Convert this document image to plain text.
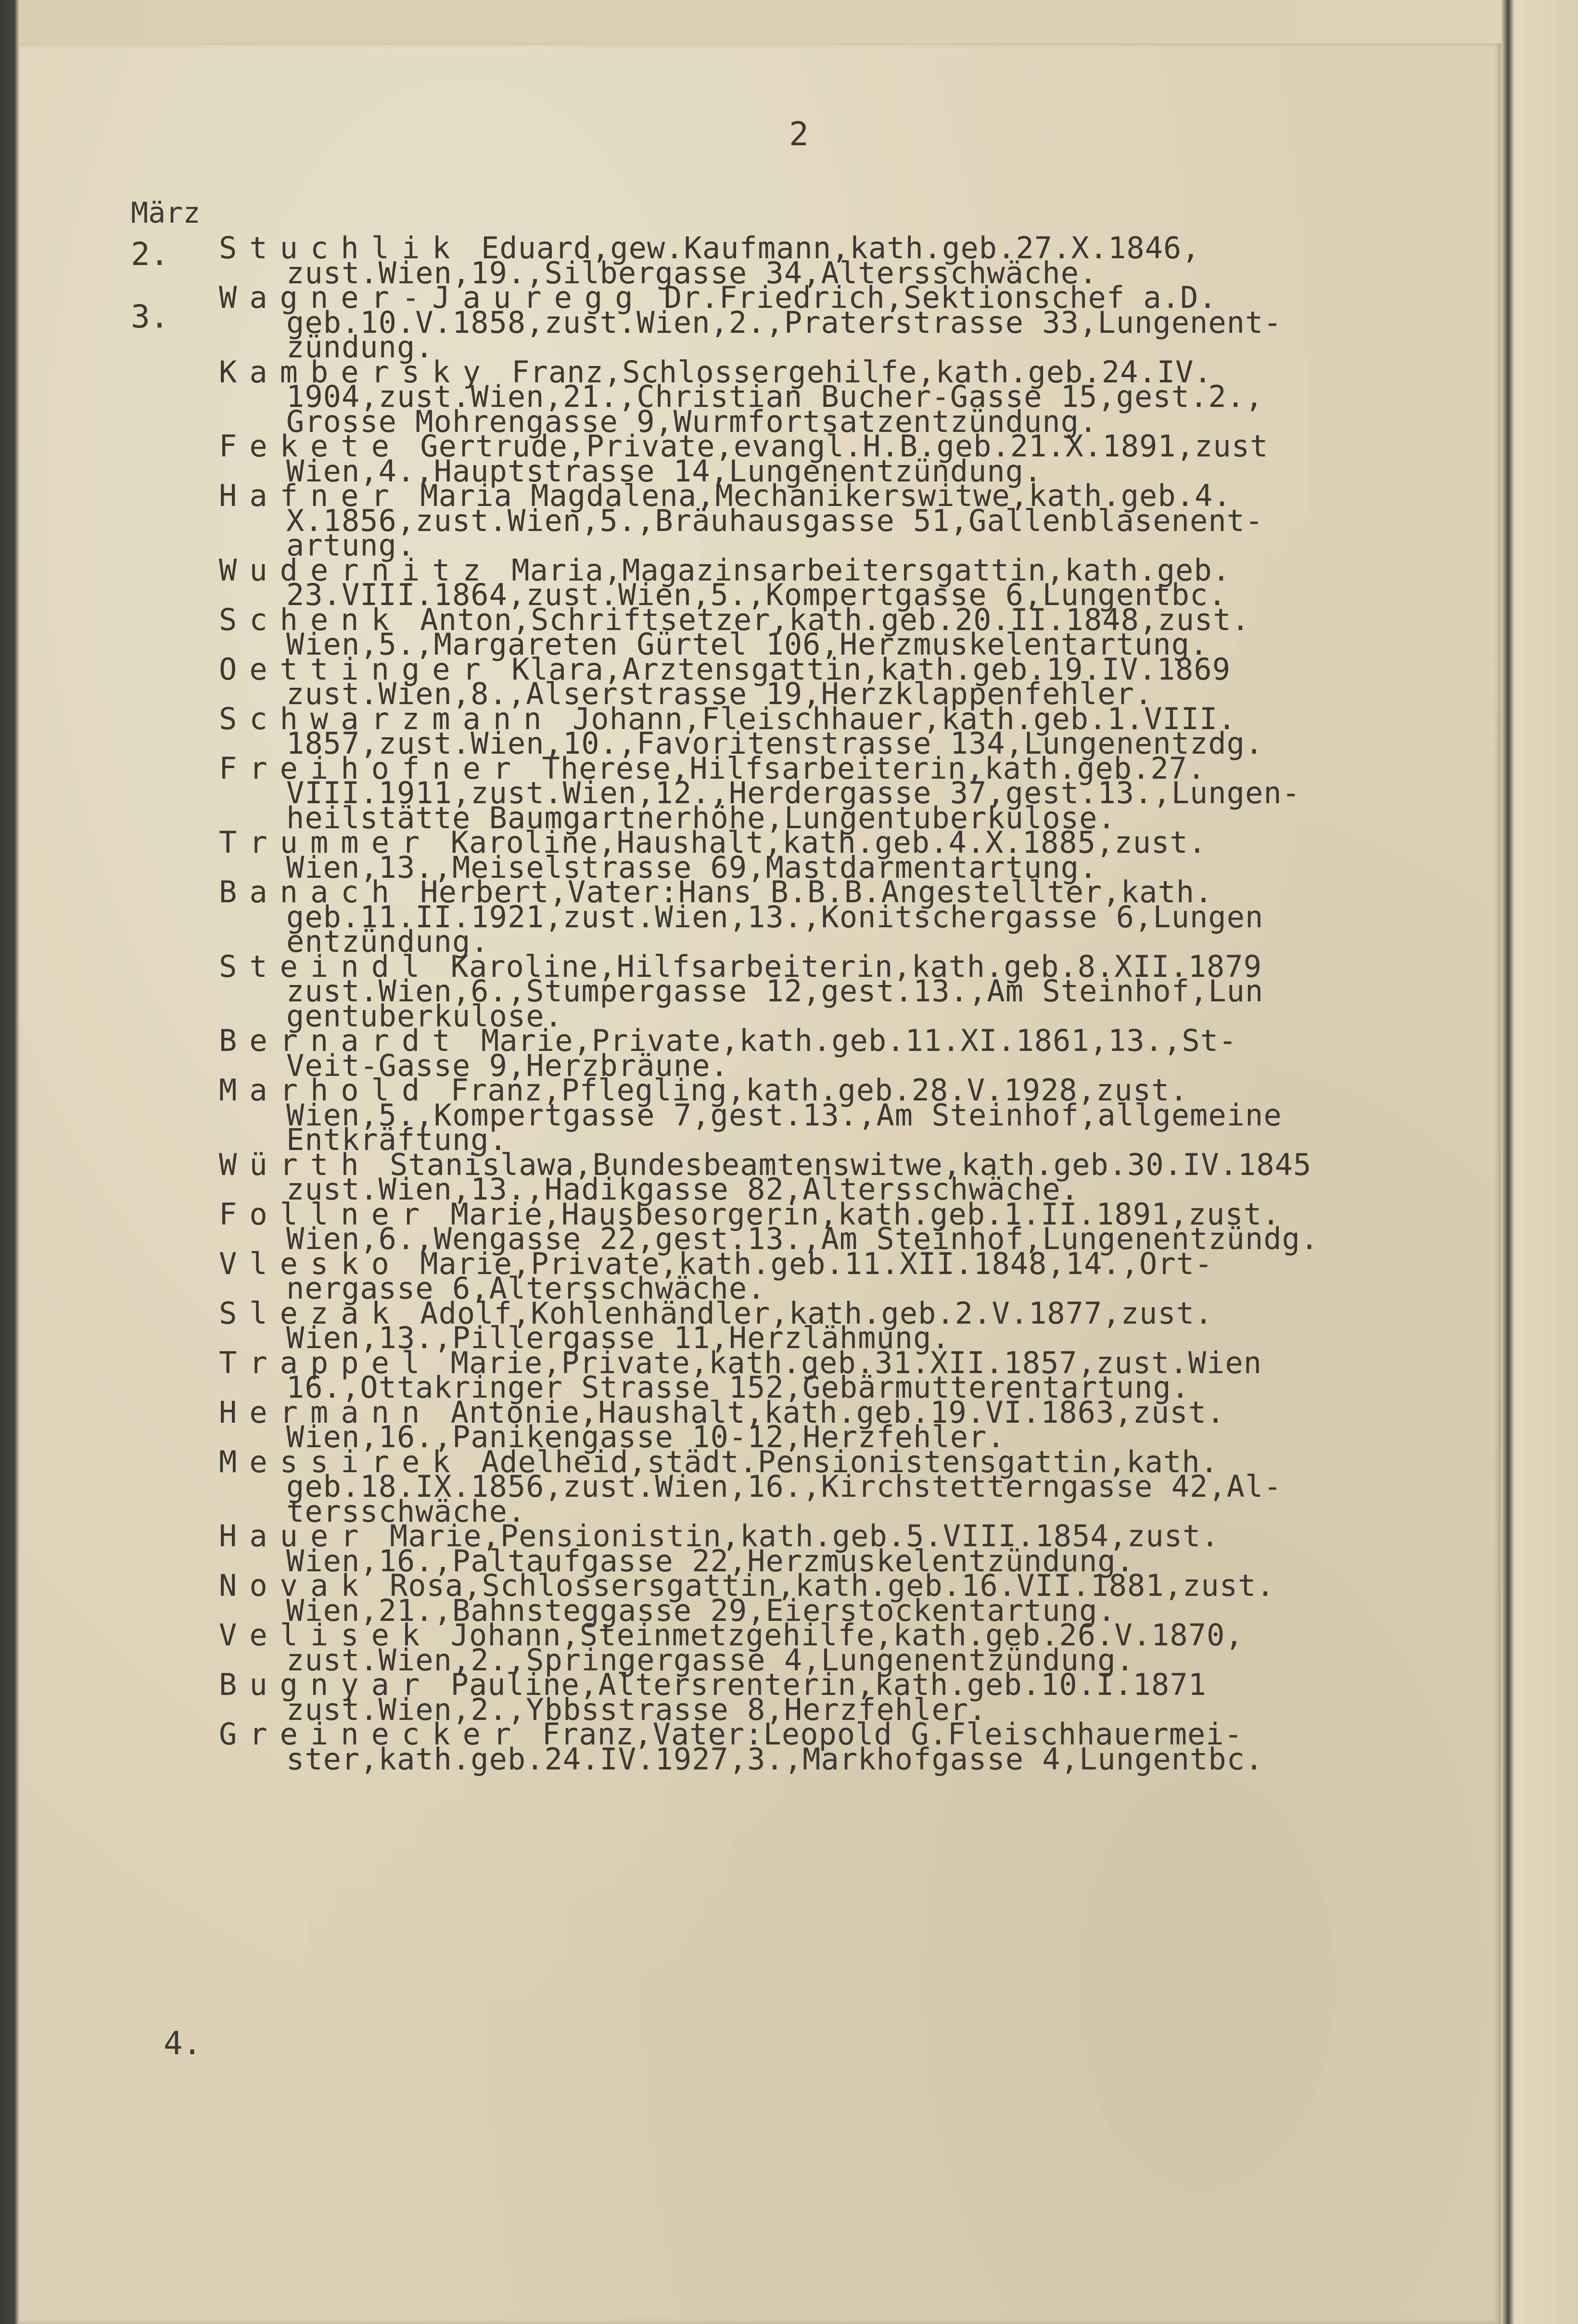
2
März
2.
3.
4.
Stuchlik Eduard,gew.Kaufmann,kath.geb.27.X.1846,
zust.Wien,19.,Silbergasse 34,Altersschwäche.
Wagner-Jauregg Dr.Friedrich,Sektionschef a.D.
geb.10.V.1858,zust.Wien,2.,Praterstrasse 33,Lungenent-
zündung.
Kambersky Franz,Schlossergehilfe,kath.geb.24.IV.
1904,zust.Wien,21.,Christian Bucher-Gasse 15,gest.2.,
Grosse Mohrengasse 9,Wurmfortsatzentzündung.
Fekete Gertrude,Private,evangl.H.B.geb.21.X.1891,zust
Wien,4.,Hauptstrasse 14,Lungenentzündung.
Hafner Maria Magdalena,Mechanikerswitwe,kath.geb.4.
X.1856,zust.Wien,5.,Bräuhausgasse 51,Gallenblasenent-
artung.
Wudernitz Maria,Magazinsarbeitersgattin,kath.geb.
23.VIII.1864,zust.Wien,5.,Kompertgasse 6,Lungentbc.
Schenk Anton,Schriftsetzer,kath.geb.20.II.1848,zust.
Wien,5.,Margareten Gürtel 106,Herzmuskelentartung.
Oettinger Klara,Arztensgattin,kath.geb.19.IV.1869
zust.Wien,8.,Alserstrasse 19,Herzklappenfehler.
Schwarzmann Johann,Fleischhauer,kath.geb.1.VIII.
1857,zust.Wien,10.,Favoritenstrasse 134,Lungenentzdg.
Freihofner Therese,Hilfsarbeiterin,kath.geb.27.
VIII.1911,zust.Wien,12.,Herdergasse 37,gest.13.,Lungen-
heilstätte Baumgartnerhöhe,Lungentuberkulose.
Trummer Karoline,Haushalt,kath.geb.4.X.1885,zust.
Wien,13.,Meiselstrasse 69,Mastdarmentartung.
Banach Herbert,Vater:Hans B.B.B.Angestellter,kath.
geb.11.II.1921,zust.Wien,13.,Konitschergasse 6,Lungen
entzündung.
Steindl Karoline,Hilfsarbeiterin,kath.geb.8.XII.1879
zust.Wien,6.,Stumpergasse 12,gest.13.,Am Steinhof,Lun
gentuberkulose.
Bernardt Marie,Private,kath.geb.11.XI.1861,13.,St-
Veit-Gasse 9,Herzbräune.
Marhold Franz,Pflegling,kath.geb.28.V.1928,zust.
Wien,5.,Kompertgasse 7,gest.13.,Am Steinhof,allgemeine
Entkräftung.
Würth Stanislawa,Bundesbeamtenswitwe,kath.geb.30.IV.1845
zust.Wien,13.,Hadikgasse 82,Altersschwäche.
Follner Marie,Hausbesorgerin,kath.geb.1.II.1891,zust.
Wien,6.,Wengasse 22,gest.13.,Am Steinhof,Lungenentzündg.
Vlesko Marie,Private,kath.geb.11.XII.1848,14.,Ort-
nergasse 6,Altersschwäche.
Slezak Adolf,Kohlenhändler,kath.geb.2.V.1877,zust.
Wien,13.,Pillergasse 11,Herzlähmung.
Trappel Marie,Private,kath.geb.31.XII.1857,zust.Wien
16.,Ottakringer Strasse 152,Gebärmutterentartung.
Hermann Antonie,Haushalt,kath.geb.19.VI.1863,zust.
Wien,16.,Panikengasse 10-12,Herzfehler.
Messirek Adelheid,städt.Pensionistensgattin,kath.
geb.18.IX.1856,zust.Wien,16.,Kirchstetterngasse 42,Al-
tersschwäche.
Hauer Marie,Pensionistin,kath.geb.5.VIII.1854,zust.
Wien,16.,Paltaufgasse 22,Herzmuskelentzündung.
Novak Rosa,Schlossersgattin,kath.geb.16.VII.1881,zust.
Wien,21.,Bahnsteggasse 29,Eierstockentartung.
Velisek Johann,Steinmetzgehilfe,kath.geb.26.V.1870,
zust.Wien,2.,Springergasse 4,Lungenentzündung.
Bugnyar Pauline,Altersrenterin,kath.geb.10.I.1871
zust.Wien,2.,Ybbsstrasse 8,Herzfehler.
Greinecker Franz,Vater:Leopold G.Fleischhauermei-
ster,kath.geb.24.IV.1927,3.,Markhofgasse 4,Lungentbc.
